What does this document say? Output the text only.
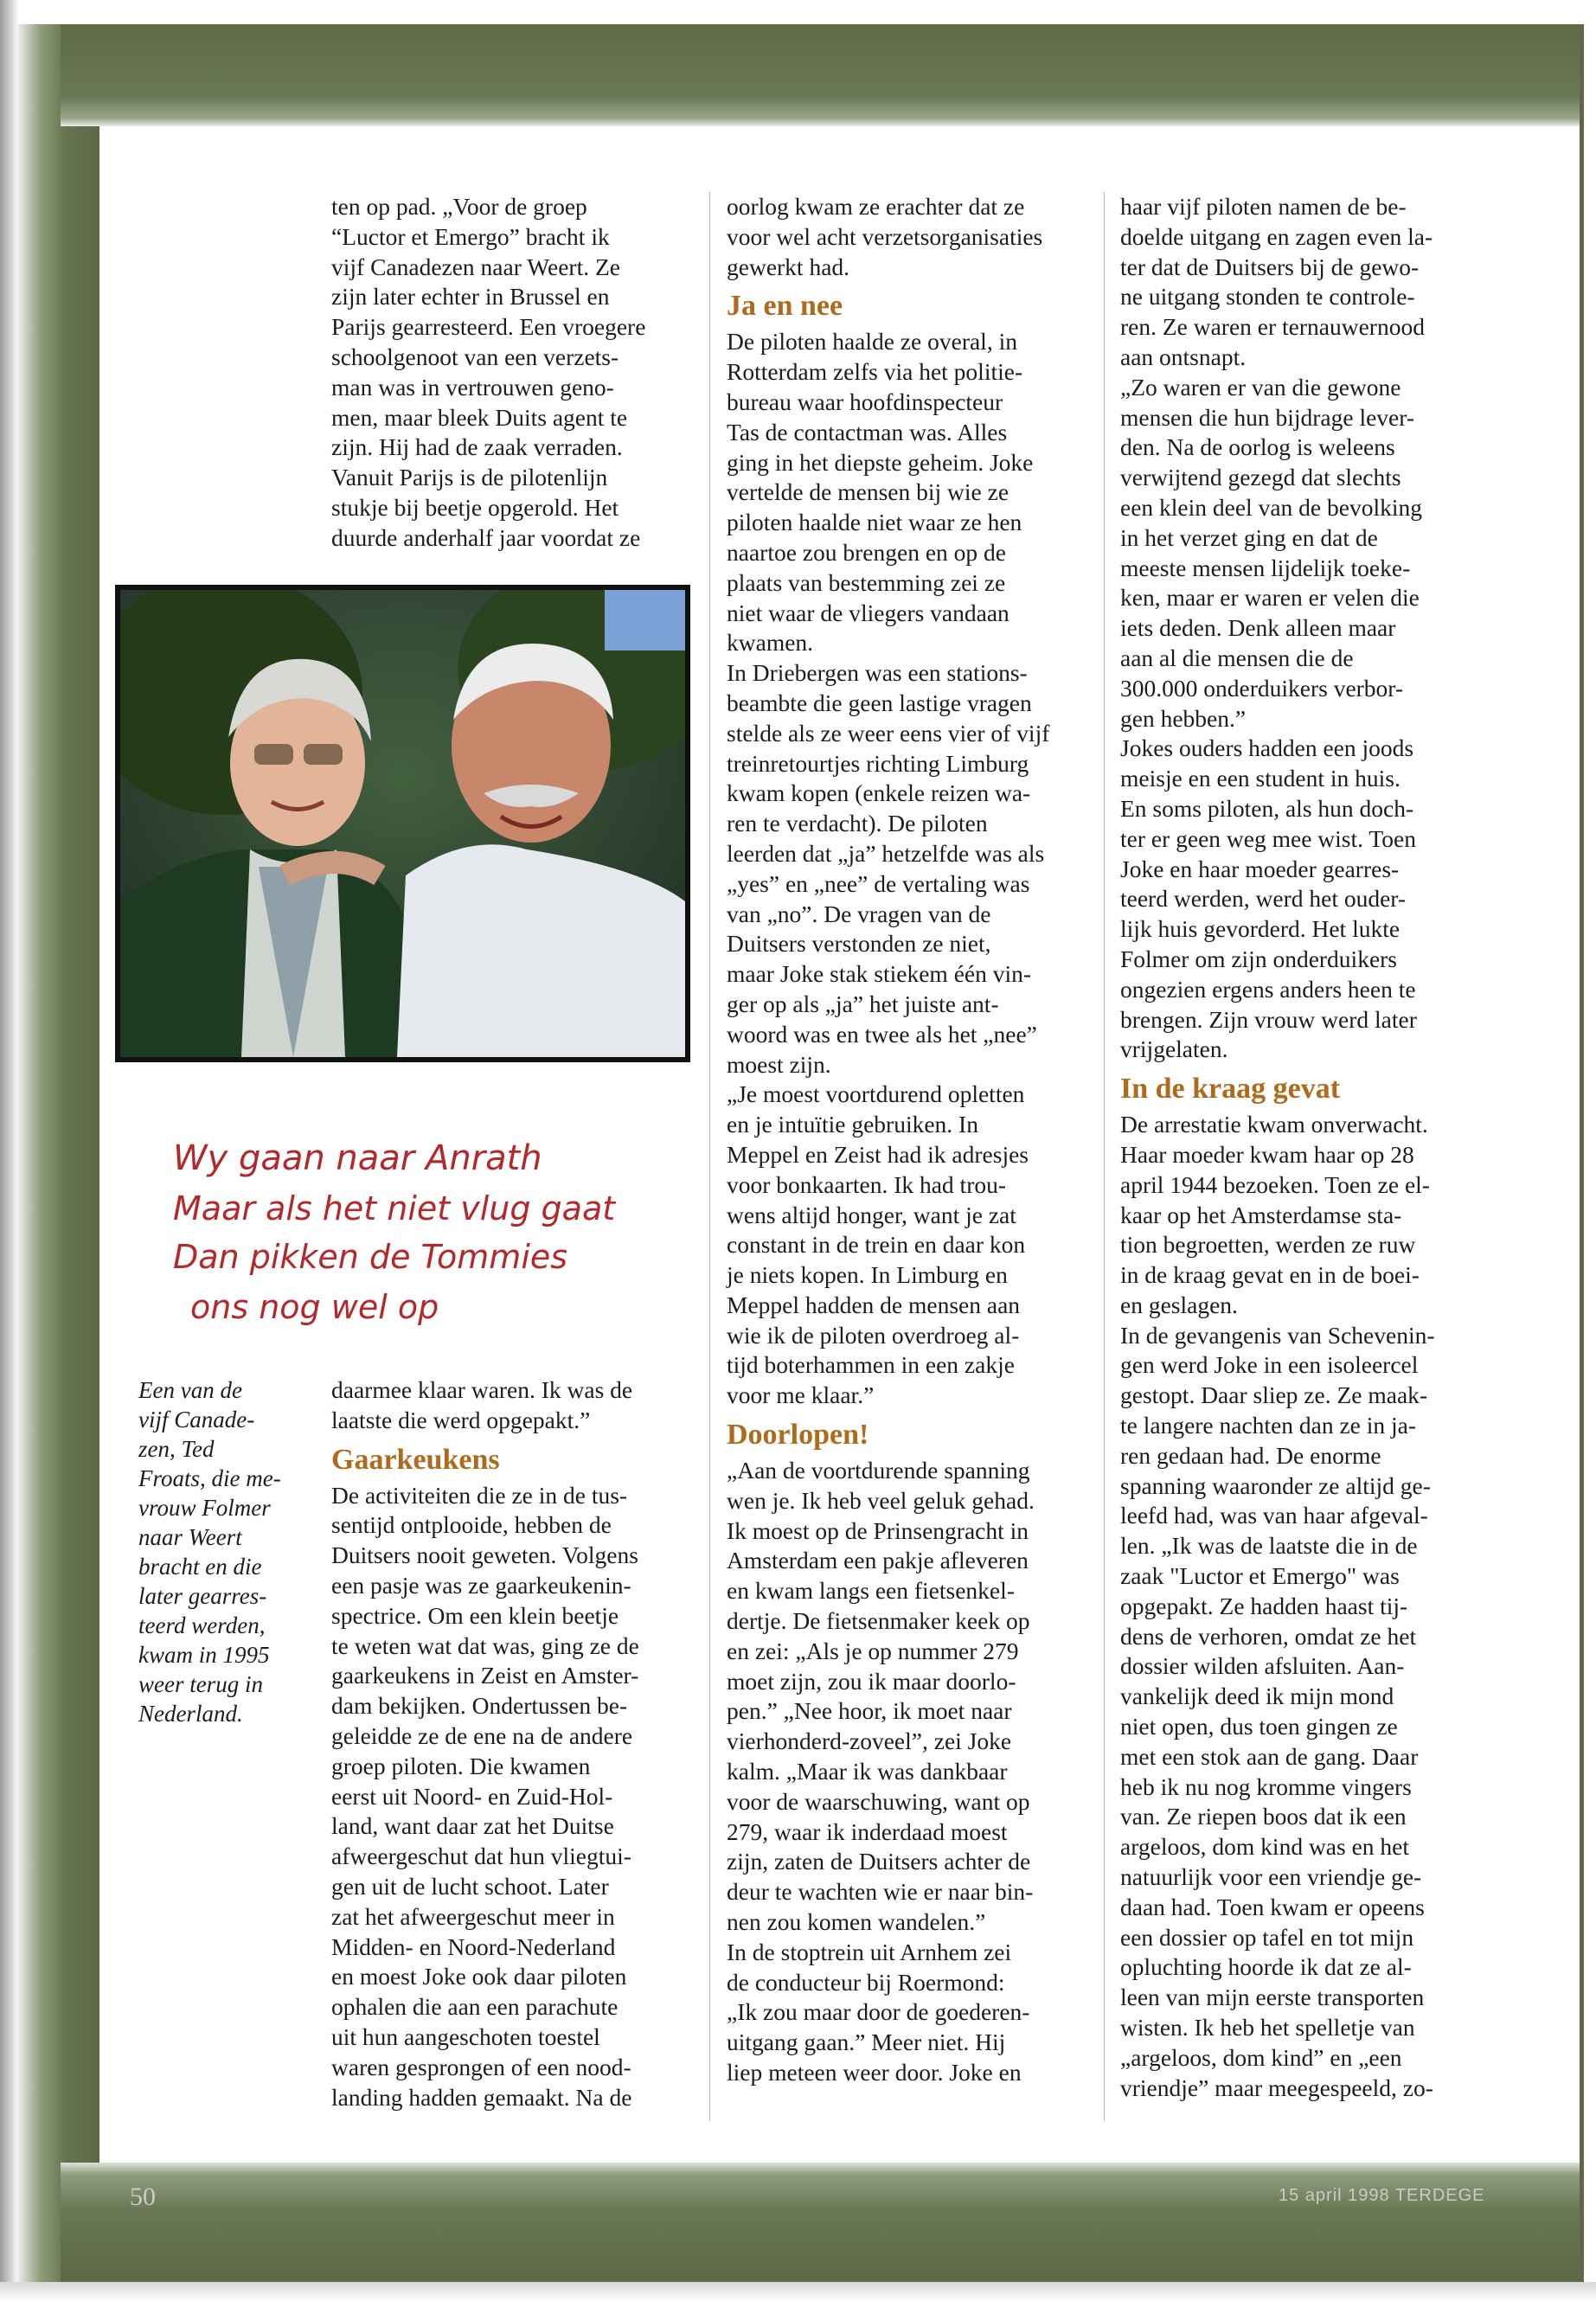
ten op pad. „Voor de groep

“Luctor et Emergo” bracht ik

vijf Canadezen naar Weert. Ze

zijn later echter in Brussel en

Parijs gearresteerd. Een vroegere

schoolgenoot van een verzets-

man was in vertrouwen geno-

men, maar bleek Duits agent te

zijn. Hij had de zaak verraden.

Vanuit Parijs is de pilotenlijn

stukje bij beetje opgerold. Het

duurde anderhalf jaar voordat ze

Wy gaan naar Anrath
Maar als het niet vlug gaat
Dan pikken de Tommies
ons nog wel op
Een van de
vijf Canade-
zen, Ted
Froats, die me-
vrouw Folmer
naar Weert
bracht en die
later gearres-
teerd werden,
kwam in 1995
weer terug in
Nederland.

daarmee klaar waren. Ik was de

laatste die werd opgepakt.”

Gaarkeukens

De activiteiten die ze in de tus-

sentijd ontplooide, hebben de

Duitsers nooit geweten. Volgens

een pasje was ze gaarkeukenin-

spectrice. Om een klein beetje

te weten wat dat was, ging ze de

gaarkeukens in Zeist en Amster-

dam bekijken. Ondertussen be-

geleidde ze de ene na de andere

groep piloten. Die kwamen

eerst uit Noord- en Zuid-Hol-

land, want daar zat het Duitse

afweergeschut dat hun vliegtui-

gen uit de lucht schoot. Later

zat het afweergeschut meer in

Midden- en Noord-Nederland

en moest Joke ook daar piloten

ophalen die aan een parachute

uit hun aangeschoten toestel

waren gesprongen of een nood-

landing hadden gemaakt. Na de

oorlog kwam ze erachter dat ze

voor wel acht verzetsorganisaties

gewerkt had.

Ja en nee

De piloten haalde ze overal, in

Rotterdam zelfs via het politie-

bureau waar hoofdinspecteur

Tas de contactman was. Alles

ging in het diepste geheim. Joke

vertelde de mensen bij wie ze

piloten haalde niet waar ze hen

naartoe zou brengen en op de

plaats van bestemming zei ze

niet waar de vliegers vandaan

kwamen.

In Driebergen was een stations-

beambte die geen lastige vragen

stelde als ze weer eens vier of vijf

treinretourtjes richting Limburg

kwam kopen (enkele reizen wa-

ren te verdacht). De piloten

leerden dat „ja” hetzelfde was als

„yes” en „nee” de vertaling was

van „no”. De vragen van de

Duitsers verstonden ze niet,

maar Joke stak stiekem één vin-

ger op als „ja” het juiste ant-

woord was en twee als het „nee”

moest zijn.

„Je moest voortdurend opletten

en je intuïtie gebruiken. In

Meppel en Zeist had ik adresjes

voor bonkaarten. Ik had trou-

wens altijd honger, want je zat

constant in de trein en daar kon

je niets kopen. In Limburg en

Meppel hadden de mensen aan

wie ik de piloten overdroeg al-

tijd boterhammen in een zakje

voor me klaar.”

Doorlopen!

„Aan de voortdurende spanning

wen je. Ik heb veel geluk gehad.

Ik moest op de Prinsengracht in

Amsterdam een pakje afleveren

en kwam langs een fietsenkel-

dertje. De fietsenmaker keek op

en zei: „Als je op nummer 279

moet zijn, zou ik maar doorlo-

pen.” „Nee hoor, ik moet naar

vierhonderd-zoveel”, zei Joke

kalm. „Maar ik was dankbaar

voor de waarschuwing, want op

279, waar ik inderdaad moest

zijn, zaten de Duitsers achter de

deur te wachten wie er naar bin-

nen zou komen wandelen.”

In de stoptrein uit Arnhem zei

de conducteur bij Roermond:

„Ik zou maar door de goederen-

uitgang gaan.” Meer niet. Hij

liep meteen weer door. Joke en

haar vijf piloten namen de be-

doelde uitgang en zagen even la-

ter dat de Duitsers bij de gewo-

ne uitgang stonden te controle-

ren. Ze waren er ternauwernood

aan ontsnapt.

„Zo waren er van die gewone

mensen die hun bijdrage lever-

den. Na de oorlog is weleens

verwijtend gezegd dat slechts

een klein deel van de bevolking

in het verzet ging en dat de

meeste mensen lijdelijk toeke-

ken, maar er waren er velen die

iets deden. Denk alleen maar

aan al die mensen die de

300.000 onderduikers verbor-

gen hebben.”

Jokes ouders hadden een joods

meisje en een student in huis.

En soms piloten, als hun doch-

ter er geen weg mee wist. Toen

Joke en haar moeder gearres-

teerd werden, werd het ouder-

lijk huis gevorderd. Het lukte

Folmer om zijn onderduikers

ongezien ergens anders heen te

brengen. Zijn vrouw werd later

vrijgelaten.

In de kraag gevat

De arrestatie kwam onverwacht.

Haar moeder kwam haar op 28

april 1944 bezoeken. Toen ze el-

kaar op het Amsterdamse sta-

tion begroetten, werden ze ruw

in de kraag gevat en in de boei-

en geslagen.

In de gevangenis van Schevenin-

gen werd Joke in een isoleercel

gestopt. Daar sliep ze. Ze maak-

te langere nachten dan ze in ja-

ren gedaan had. De enorme

spanning waaronder ze altijd ge-

leefd had, was van haar afgeval-

len. „Ik was de laatste die in de

zaak "Luctor et Emergo" was

opgepakt. Ze hadden haast tij-

dens de verhoren, omdat ze het

dossier wilden afsluiten. Aan-

vankelijk deed ik mijn mond

niet open, dus toen gingen ze

met een stok aan de gang. Daar

heb ik nu nog kromme vingers

van. Ze riepen boos dat ik een

argeloos, dom kind was en het

natuurlijk voor een vriendje ge-

daan had. Toen kwam er opeens

een dossier op tafel en tot mijn

opluchting hoorde ik dat ze al-

leen van mijn eerste transporten

wisten. Ik heb het spelletje van

„argeloos, dom kind” en „een

vriendje” maar meegespeeld, zo-

50	15 april 1998 TERDEGE
